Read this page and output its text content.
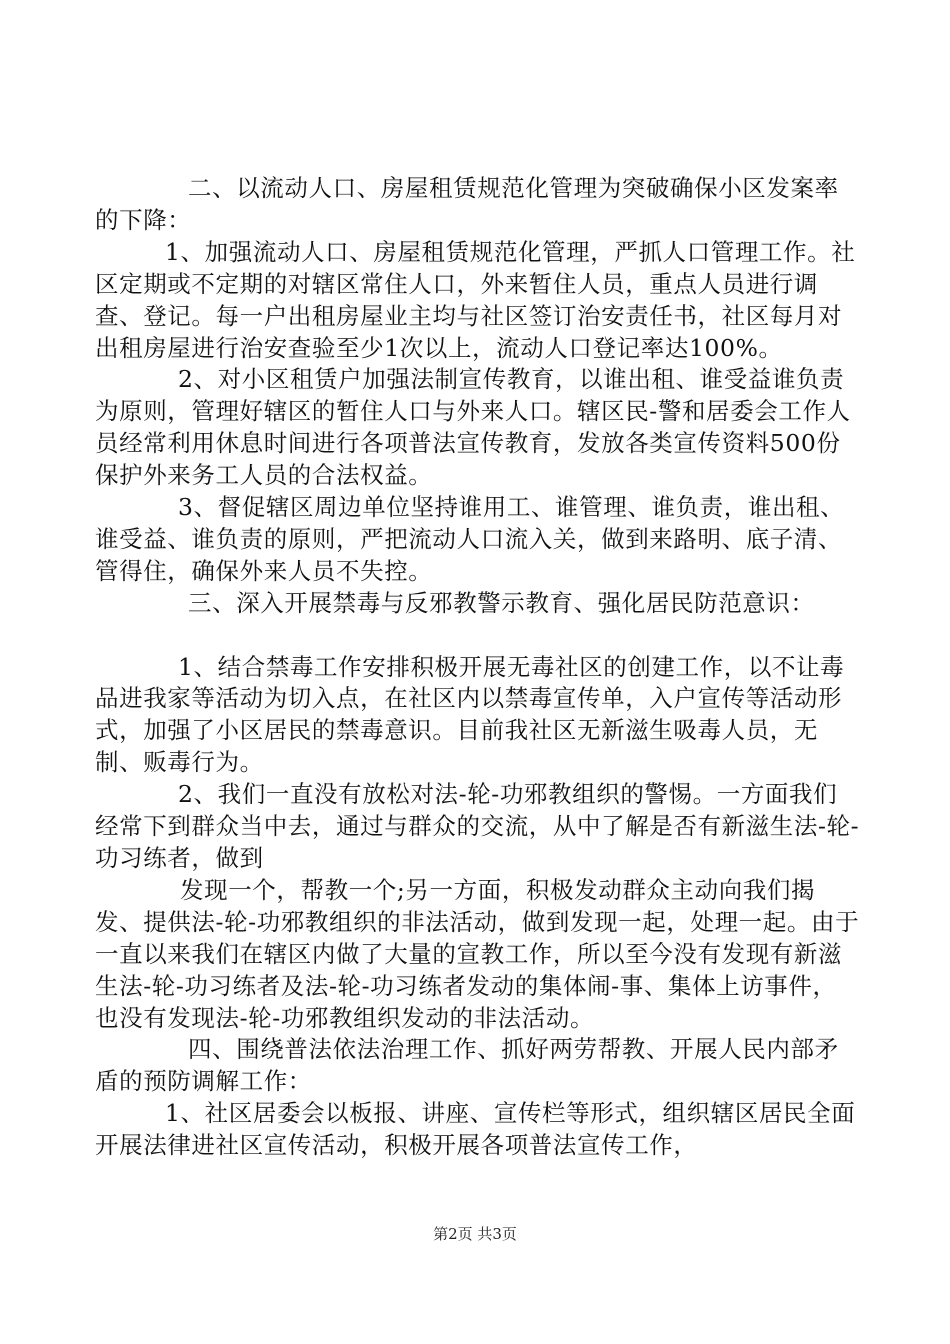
二、以流动人口、房屋租赁规范化管理为突破确保小区发案率的下降：

1、加强流动人口、房屋租赁规范化管理，严抓人口管理工作。社区定期或不定期的对辖区常住人口，外来暂住人员，重点人员进行调查、登记。每一户出租房屋业主均与社区签订治安责任书，社区每月对出租房屋进行治安查验至少1次以上，流动人口登记率达100%。

2、对小区租赁户加强法制宣传教育，以谁出租、谁受益谁负责为原则，管理好辖区的暂住人口与外来人口。辖区民-警和居委会工作人员经常利用休息时间进行各项普法宣传教育，发放各类宣传资料500份保护外来务工人员的合法权益。

3、督促辖区周边单位坚持谁用工、谁管理、谁负责，谁出租、谁受益、谁负责的原则，严把流动人口流入关，做到来路明、底子清、管得住，确保外来人员不失控。

三、深入开展禁毒与反邪教警示教育、强化居民防范意识：

1、结合禁毒工作安排积极开展无毒社区的创建工作，以不让毒品进我家等活动为切入点，在社区内以禁毒宣传单，入户宣传等活动形式，加强了小区居民的禁毒意识。目前我社区无新滋生吸毒人员，无制、贩毒行为。

2、我们一直没有放松对法-轮-功邪教组织的警惕。一方面我们经常下到群众当中去，通过与群众的交流，从中了解是否有新滋生法-轮-功习练者，做到

发现一个，帮教一个;另一方面，积极发动群众主动向我们揭发、提供法-轮-功邪教组织的非法活动，做到发现一起，处理一起。由于一直以来我们在辖区内做了大量的宣教工作，所以至今没有发现有新滋生法-轮-功习练者及法-轮-功习练者发动的集体闹-事、集体上访事件，也没有发现法-轮-功邪教组织发动的非法活动。

四、围绕普法依法治理工作、抓好两劳帮教、开展人民内部矛盾的预防调解工作：

1、社区居委会以板报、讲座、宣传栏等形式，组织辖区居民全面开展法律进社区宣传活动，积极开展各项普法宣传工作，

第2页 共3页
